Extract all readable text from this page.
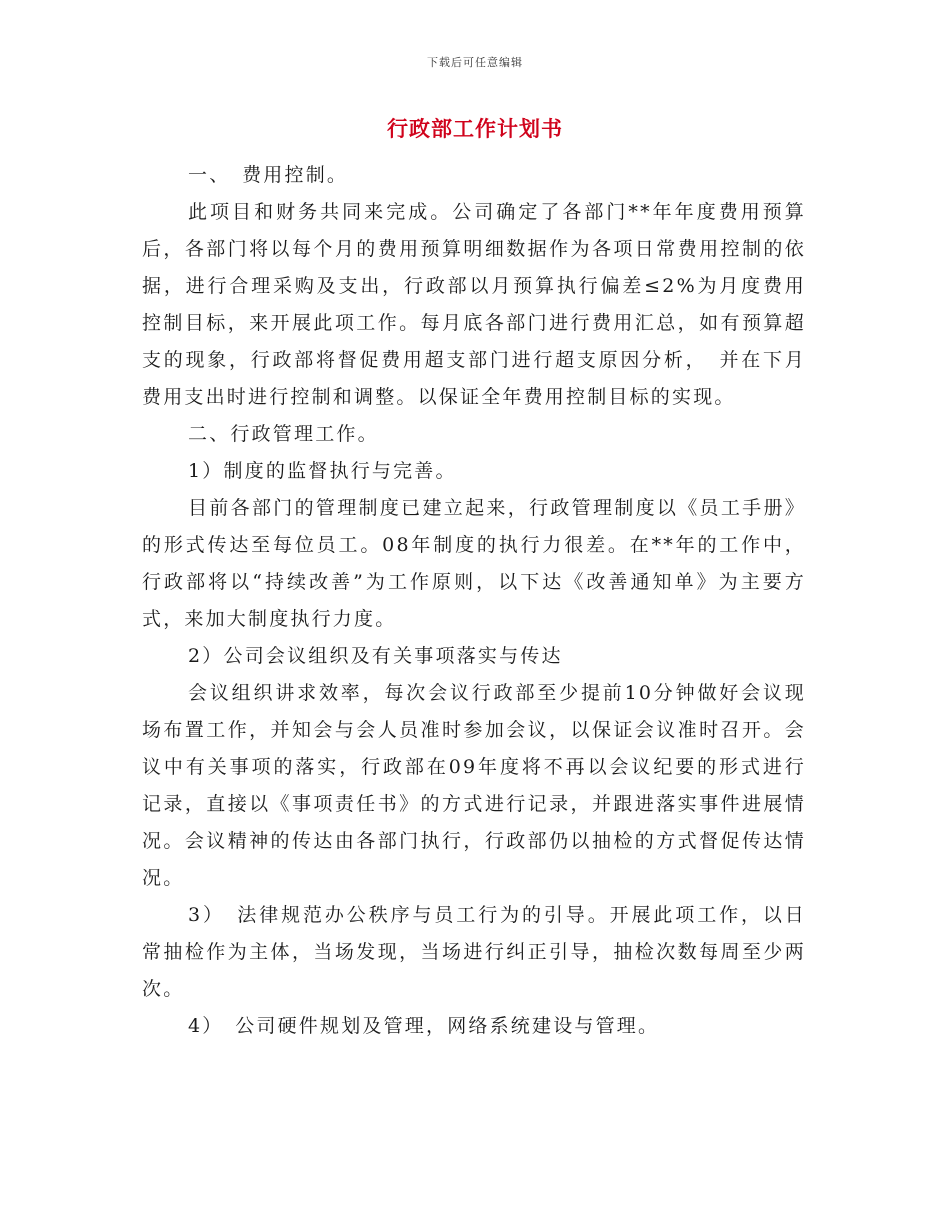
下载后可任意编辑
行政部工作计划书

一、　费用控制。

此项目和财务共同来完成。公司确定了各部门**年年度费用预算后，各部门将以每个月的费用预算明细数据作为各项日常费用控制的依据，进行合理采购及支出，行政部以月预算执行偏差≤2%为月度费用控制目标，来开展此项工作。每月底各部门进行费用汇总，如有预算超支的现象，行政部将督促费用超支部门进行超支原因分析，　并在下月费用支出时进行控制和调整。以保证全年费用控制目标的实现。

二、行政管理工作。

1）制度的监督执行与完善。

目前各部门的管理制度已建立起来，行政管理制度以《员工手册》的形式传达至每位员工。08年制度的执行力很差。在**年的工作中，行政部将以“持续改善”为工作原则，以下达《改善通知单》为主要方式，来加大制度执行力度。

2）公司会议组织及有关事项落实与传达

会议组织讲求效率，每次会议行政部至少提前10分钟做好会议现场布置工作，并知会与会人员准时参加会议，以保证会议准时召开。会议中有关事项的落实，行政部在09年度将不再以会议纪要的形式进行记录，直接以《事项责任书》的方式进行记录，并跟进落实事件进展情况。会议精神的传达由各部门执行，行政部仍以抽检的方式督促传达情况。

3）　法律规范办公秩序与员工行为的引导。开展此项工作，以日常抽检作为主体，当场发现，当场进行纠正引导，抽检次数每周至少两次。

4）　公司硬件规划及管理，网络系统建设与管理。
